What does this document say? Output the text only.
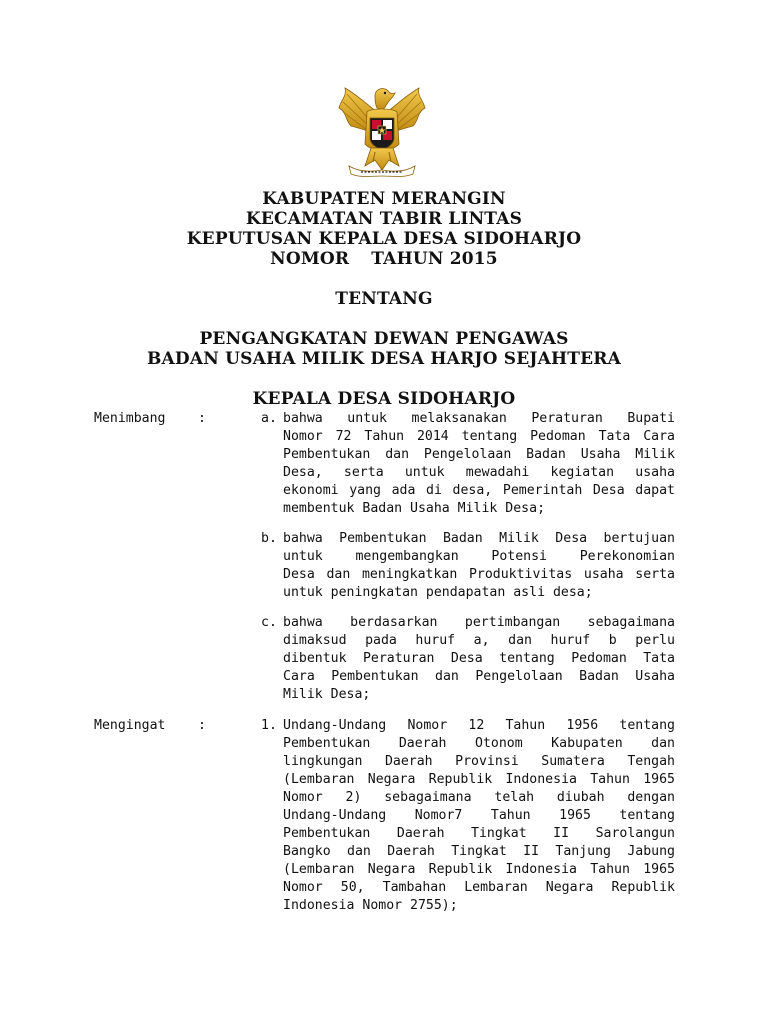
KABUPATEN MERANGIN
KECAMATAN TABIR LINTAS
KEPUTUSAN KEPALA DESA SIDOHARJO
NOMOR TAHUN 2015
TENTANG
PENGANGKATAN DEWAN PENGAWAS
BADAN USAHA MILIK DESA HARJO SEJAHTERA
KEPALA DESA SIDOHARJO
Menimbang :	a. bahwa untuk melaksanakan Peraturan Bupati
Nomor 72 Tahun 2014 tentang Pedoman Tata Cara
Pembentukan dan Pengelolaan Badan Usaha Milik
Desa, serta untuk mewadahi kegiatan usaha
ekonomi yang ada di desa, Pemerintah Desa dapat
membentuk Badan Usaha Milik Desa;
b. bahwa Pembentukan Badan Milik Desa bertujuan
untuk mengembangkan Potensi Perekonomian
Desa dan meningkatkan Produktivitas usaha serta
untuk peningkatan pendapatan asli desa;
c. bahwa berdasarkan pertimbangan sebagaimana
dimaksud pada huruf a, dan huruf b perlu
dibentuk Peraturan Desa tentang Pedoman Tata
Cara Pembentukan dan Pengelolaan Badan Usaha
Milik Desa;
Mengingat :	1. Undang-Undang Nomor 12 Tahun 1956 tentang
Pembentukan Daerah Otonom Kabupaten dan
lingkungan Daerah Provinsi Sumatera Tengah
(Lembaran Negara Republik Indonesia Tahun 1965
Nomor 2) sebagaimana telah diubah dengan
Undang-Undang Nomor7 Tahun 1965 tentang
Pembentukan Daerah Tingkat II Sarolangun
Bangko dan Daerah Tingkat II Tanjung Jabung
(Lembaran Negara Republik Indonesia Tahun 1965
Nomor 50, Tambahan Lembaran Negara Republik
Indonesia Nomor 2755);
